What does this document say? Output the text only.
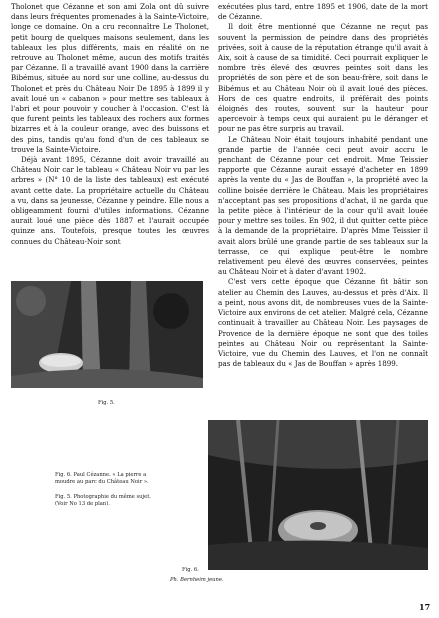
Tholonet que Cézanne et son ami Zola ont dû suivre dans leurs fréquentes promenades à la Sainte-Victoire, longe ce domaine. On a cru reconnaître Le Tholonet, petit bourg de quelques maisons seulement, dans les tableaux les plus différents, mais en réalité on ne retrouve au Tholonet même, aucun des motifs traités par Cézanne. Il a travaillé avant 1900 dans la carrière Bibémus, située au nord sur une colline, au-dessus du Tholonet et près du Château Noir De 1895 à 1899 il y avait loué un « cabanon » pour mettre ses tableaux à l'abri et pour pouvoir y coucher à l'occasion. C'est là que furent peints les tableaux des rochers aux formes bizarres et à la couleur orange, avec des buissons et des pins, tandis qu'au fond d'un de ces tableaux se trouve la Sainte-Victoire.

Déjà avant 1895, Cézanne doit avoir travaillé au Château Noir car le tableau « Château Noir vu par les arbres » (N° 10 de la liste des tableaux) est exécuté avant cette date. La propriétaire actuelle du Château a vu, dans sa jeunesse, Cézanne y peindre. Elle nous a obligeamment fourni d'utiles informations. Cézanne aurait loué une pièce dès 1887 et l'aurait occupée quinze ans. Toutefois, presque toutes les œuvres connues du Château-Noir sont

Fig. 5.
Fig. 6. Paul Cézanne. « La pierre a moudre au parc du Château Noir ».
Fig. 5. Photographie du même sujet. (Voir No 13 de plan).

exécutées plus tard, entre 1895 et 1906, date de la mort de Cézanne.

Il doit être mentionné que Cézanne ne reçut pas souvent la permission de peindre dans des propriétés privées, soit à cause de la réputation étrange qu'il avait à Aix, soit à cause de sa timidité. Ceci pourrait expliquer le nombre très élevé des œuvres peintes soit dans les propriétés de son père et de son beau-frère, soit dans le Bibémus et au Château Noir où il avait loué des pièces. Hors de ces quatre endroits, il préférait des points éloignés des routes, souvent sur la hauteur pour apercevoir à temps ceux qui auraient pu le déranger et pour ne pas être surpris au travail.

Le Château Noir était toujours inhabité pendant une grande partie de l'année ceci peut avoir accru le penchant de Cézanne pour cet endroit. Mme Teissier rapporte que Cézanne aurait essayé d'acheter en 1899 après la vente du « Jas de Bouffan », la propriété avec la colline boisée derrière le Château. Mais les propriétaires n'acceptant pas ses propositions d'achat, il ne garda que la petite pièce à l'intérieur de la cour qu'il avait louée pour y mettre ses toiles. En 902, il dut quitter cette pièce à la demande de la propriétaire. D'après Mme Teissier il avait alors brûlé une grande partie de ses tableaux sur la terrasse, ce qui explique peut-être le nombre relativement peu élevé des œuvres conservées, peintes au Château Noir et à dater d'avant 1902.

C'est vers cette époque que Cézanne fit bâtir son atelier au Chemin des Lauves, au-dessus et près d'Aix. Il a peint, nous avons dit, de nombreuses vues de la Sainte-Victoire aux environs de cet atelier. Malgré cela, Cézanne continuait à travailler au Château Noir. Les paysages de Provence de la dernière époque ne sont que des toiles peintes au Château Noir ou représentant la Sainte-Victoire, vue du Chemin des Lauves, et l'on ne connaît pas de tableaux du « Jas de Bouffan » après 1899.

Fig. 6.
Ph. Bernheim jeune.
17
